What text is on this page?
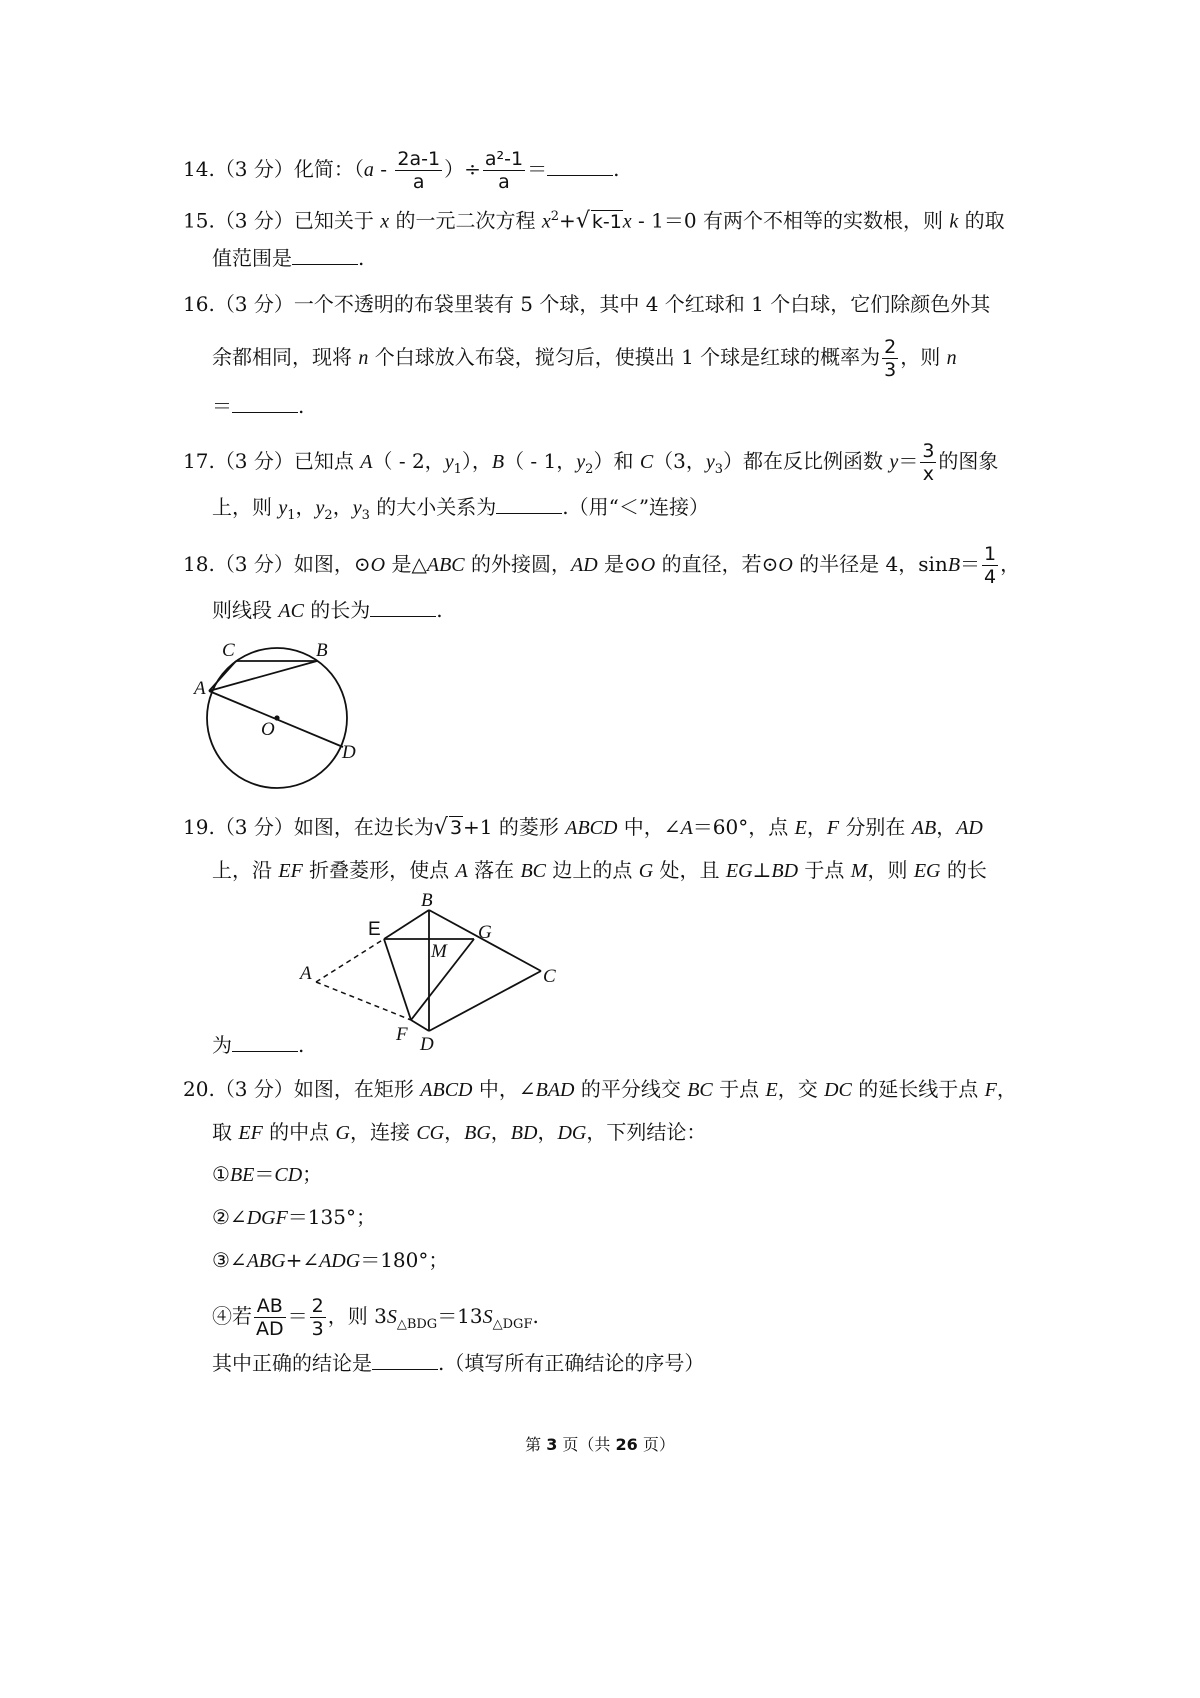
14.（3 分）化简：（$a - \frac{2a-1}{a}$ ）÷ $\frac{\text{a²-1}}{a}$ ＝	.
15.（3 分）已知关于 x 的一元二次方程 $x^2+√$ k-1x - 1＝0 有两个不相等的实数根，则 k 的取
值范围是	.
16.（3 分）一个不透明的布袋里装有 5 个球，其中 4 个红球和 1 个白球，它们除颜色外其
余都相同，现将 n 个白球放入布袋，搅匀后，使摸出 1 个球是红球的概率为 $\frac{2}{3}$ ，则 n
＝	.
17.（3 分）已知点 A（ - 2，$y_1$），B（ - 1，$y_2$）和 C（3，$y_3$）都在反比例函数 $y= \frac{3}{x}$ 的图象
上，则 $y_1$，$y_2$，$y_3$ 的大小关系为	.（用“＜”连接）
18.（3 分）如图，⊙O 是△ABC 的外接圆，AD 是⊙O 的直径，若⊙O 的半径是 4，$\sin B= \frac{1}{4}$ ，
则线段 AC 的长为	.
C	B
A
O
D
19.（3 分）如图，在边长为√ 3+1 的菱形 ABCD 中，∠A＝60°，点 E，F 分别在 AB，AD
上，沿 EF 折叠菱形，使点 A 落在 BC 边上的点 G 处，且 EG⊥BD 于点 M，则 EG 的长
E
B
G
M
A	C
F D
为	.
20.（3 分）如图，在矩形 ABCD 中，∠BAD 的平分线交 BC 于点 E，交 DC 的延长线于点 F，
取 EF 的中点 G，连接 CG，BG，BD，DG，下列结论：
①BE＝CD；
②∠DGF＝135°；
③∠ABG+∠ADG＝180°；
④若 $\frac{AB}{AD} = \frac{2}{3}$ ，则 $3S_{\triangle BDG}=13S_{\triangle DGF}$.
其中正确的结论是	.（填写所有正确结论的序号）
第 3 页（共 26 页）
